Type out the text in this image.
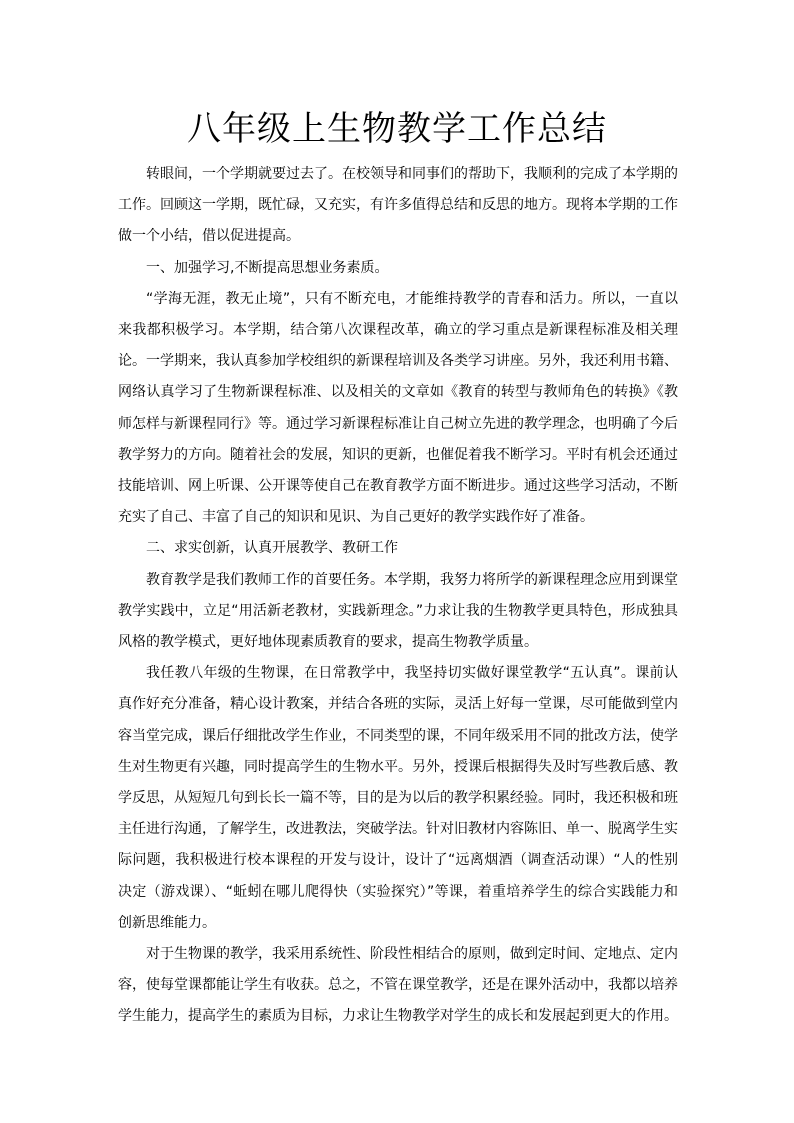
八年级上生物教学工作总结

转眼间，一个学期就要过去了。在校领导和同事们的帮助下，我顺利的完成了本学期的工作。回顾这一学期，既忙碌，又充实，有许多值得总结和反思的地方。现将本学期的工作做一个小结，借以促进提高。

一、加强学习,不断提高思想业务素质。

“学海无涯，教无止境”，只有不断充电，才能维持教学的青春和活力。所以，一直以来我都积极学习。本学期，结合第八次课程改革，确立的学习重点是新课程标准及相关理论。一学期来，我认真参加学校组织的新课程培训及各类学习讲座。另外，我还利用书籍、网络认真学习了生物新课程标准、以及相关的文章如《教育的转型与教师角色的转换》《教师怎样与新课程同行》等。通过学习新课程标准让自己树立先进的教学理念，也明确了今后教学努力的方向。随着社会的发展，知识的更新，也催促着我不断学习。平时有机会还通过技能培训、网上听课、公开课等使自己在教育教学方面不断进步。通过这些学习活动，不断充实了自己、丰富了自己的知识和见识、为自己更好的教学实践作好了准备。

二、求实创新，认真开展教学、教研工作

教育教学是我们教师工作的首要任务。本学期，我努力将所学的新课程理念应用到课堂教学实践中，立足“用活新老教材，实践新理念。”力求让我的生物教学更具特色，形成独具风格的教学模式，更好地体现素质教育的要求，提高生物教学质量。

我任教八年级的生物课，在日常教学中，我坚持切实做好课堂教学“五认真”。课前认真作好充分准备，精心设计教案，并结合各班的实际，灵活上好每一堂课，尽可能做到堂内容当堂完成，课后仔细批改学生作业，不同类型的课，不同年级采用不同的批改方法，使学生对生物更有兴趣，同时提高学生的生物水平。另外，授课后根据得失及时写些教后感、教学反思，从短短几句到长长一篇不等，目的是为以后的教学积累经验。同时，我还积极和班主任进行沟通，了解学生，改进教法，突破学法。针对旧教材内容陈旧、单一、脱离学生实际问题，我积极进行校本课程的开发与设计，设计了“远离烟酒（调查活动课）“人的性别决定（游戏课）、“蚯蚓在哪儿爬得快（实验探究）”等课，着重培养学生的综合实践能力和创新思维能力。

对于生物课的教学，我采用系统性、阶段性相结合的原则，做到定时间、定地点、定内容，使每堂课都能让学生有收获。总之，不管在课堂教学，还是在课外活动中，我都以培养学生能力，提高学生的素质为目标，力求让生物教学对学生的成长和发展起到更大的作用。
